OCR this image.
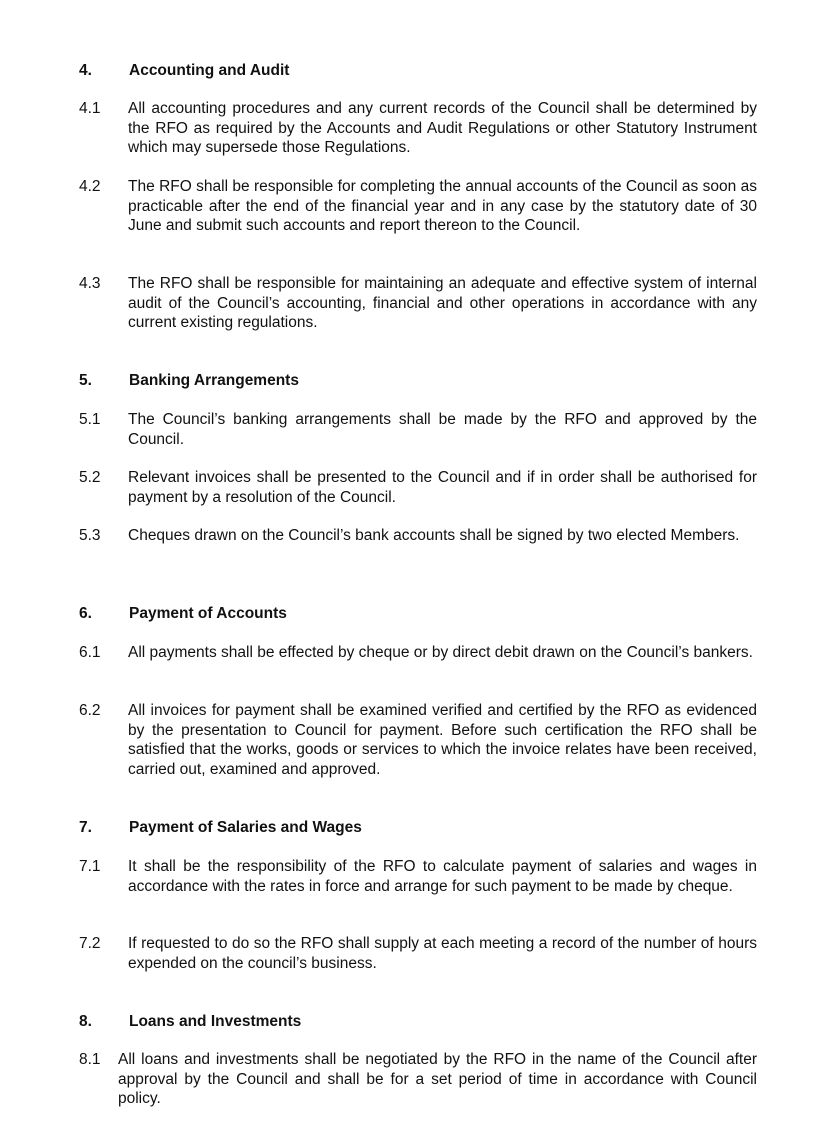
4. Accounting and Audit
4.1 All accounting procedures and any current records of the Council shall be determined by the RFO as required by the Accounts and Audit Regulations or other Statutory Instrument which may supersede those Regulations.
4.2 The RFO shall be responsible for completing the annual accounts of the Council as soon as practicable after the end of the financial year and in any case by the statutory date of 30 June and submit such accounts and report thereon to the Council.
4.3 The RFO shall be responsible for maintaining an adequate and effective system of internal audit of the Council’s accounting, financial and other operations in accordance with any current existing regulations.
5. Banking Arrangements
5.1 The Council’s banking arrangements shall be made by the RFO and approved by the Council.
5.2 Relevant invoices shall be presented to the Council and if in order shall be authorised for payment by a resolution of the Council.
5.3 Cheques drawn on the Council’s bank accounts shall be signed by two elected Members.
6. Payment of Accounts
6.1 All payments shall be effected by cheque or by direct debit drawn on the Council’s bankers.
6.2 All invoices for payment shall be examined verified and certified by the RFO as evidenced by the presentation to Council for payment. Before such certification the RFO shall be satisfied that the works, goods or services to which the invoice relates have been received, carried out, examined and approved.
7. Payment of Salaries and Wages
7.1 It shall be the responsibility of the RFO to calculate payment of salaries and wages in accordance with the rates in force and arrange for such payment to be made by cheque.
7.2 If requested to do so the RFO shall supply at each meeting a record of the number of hours expended on the council’s business.
8. Loans and Investments
8.1 All loans and investments shall be negotiated by the RFO in the name of the Council after approval by the Council and shall be for a set period of time in accordance with Council policy.
